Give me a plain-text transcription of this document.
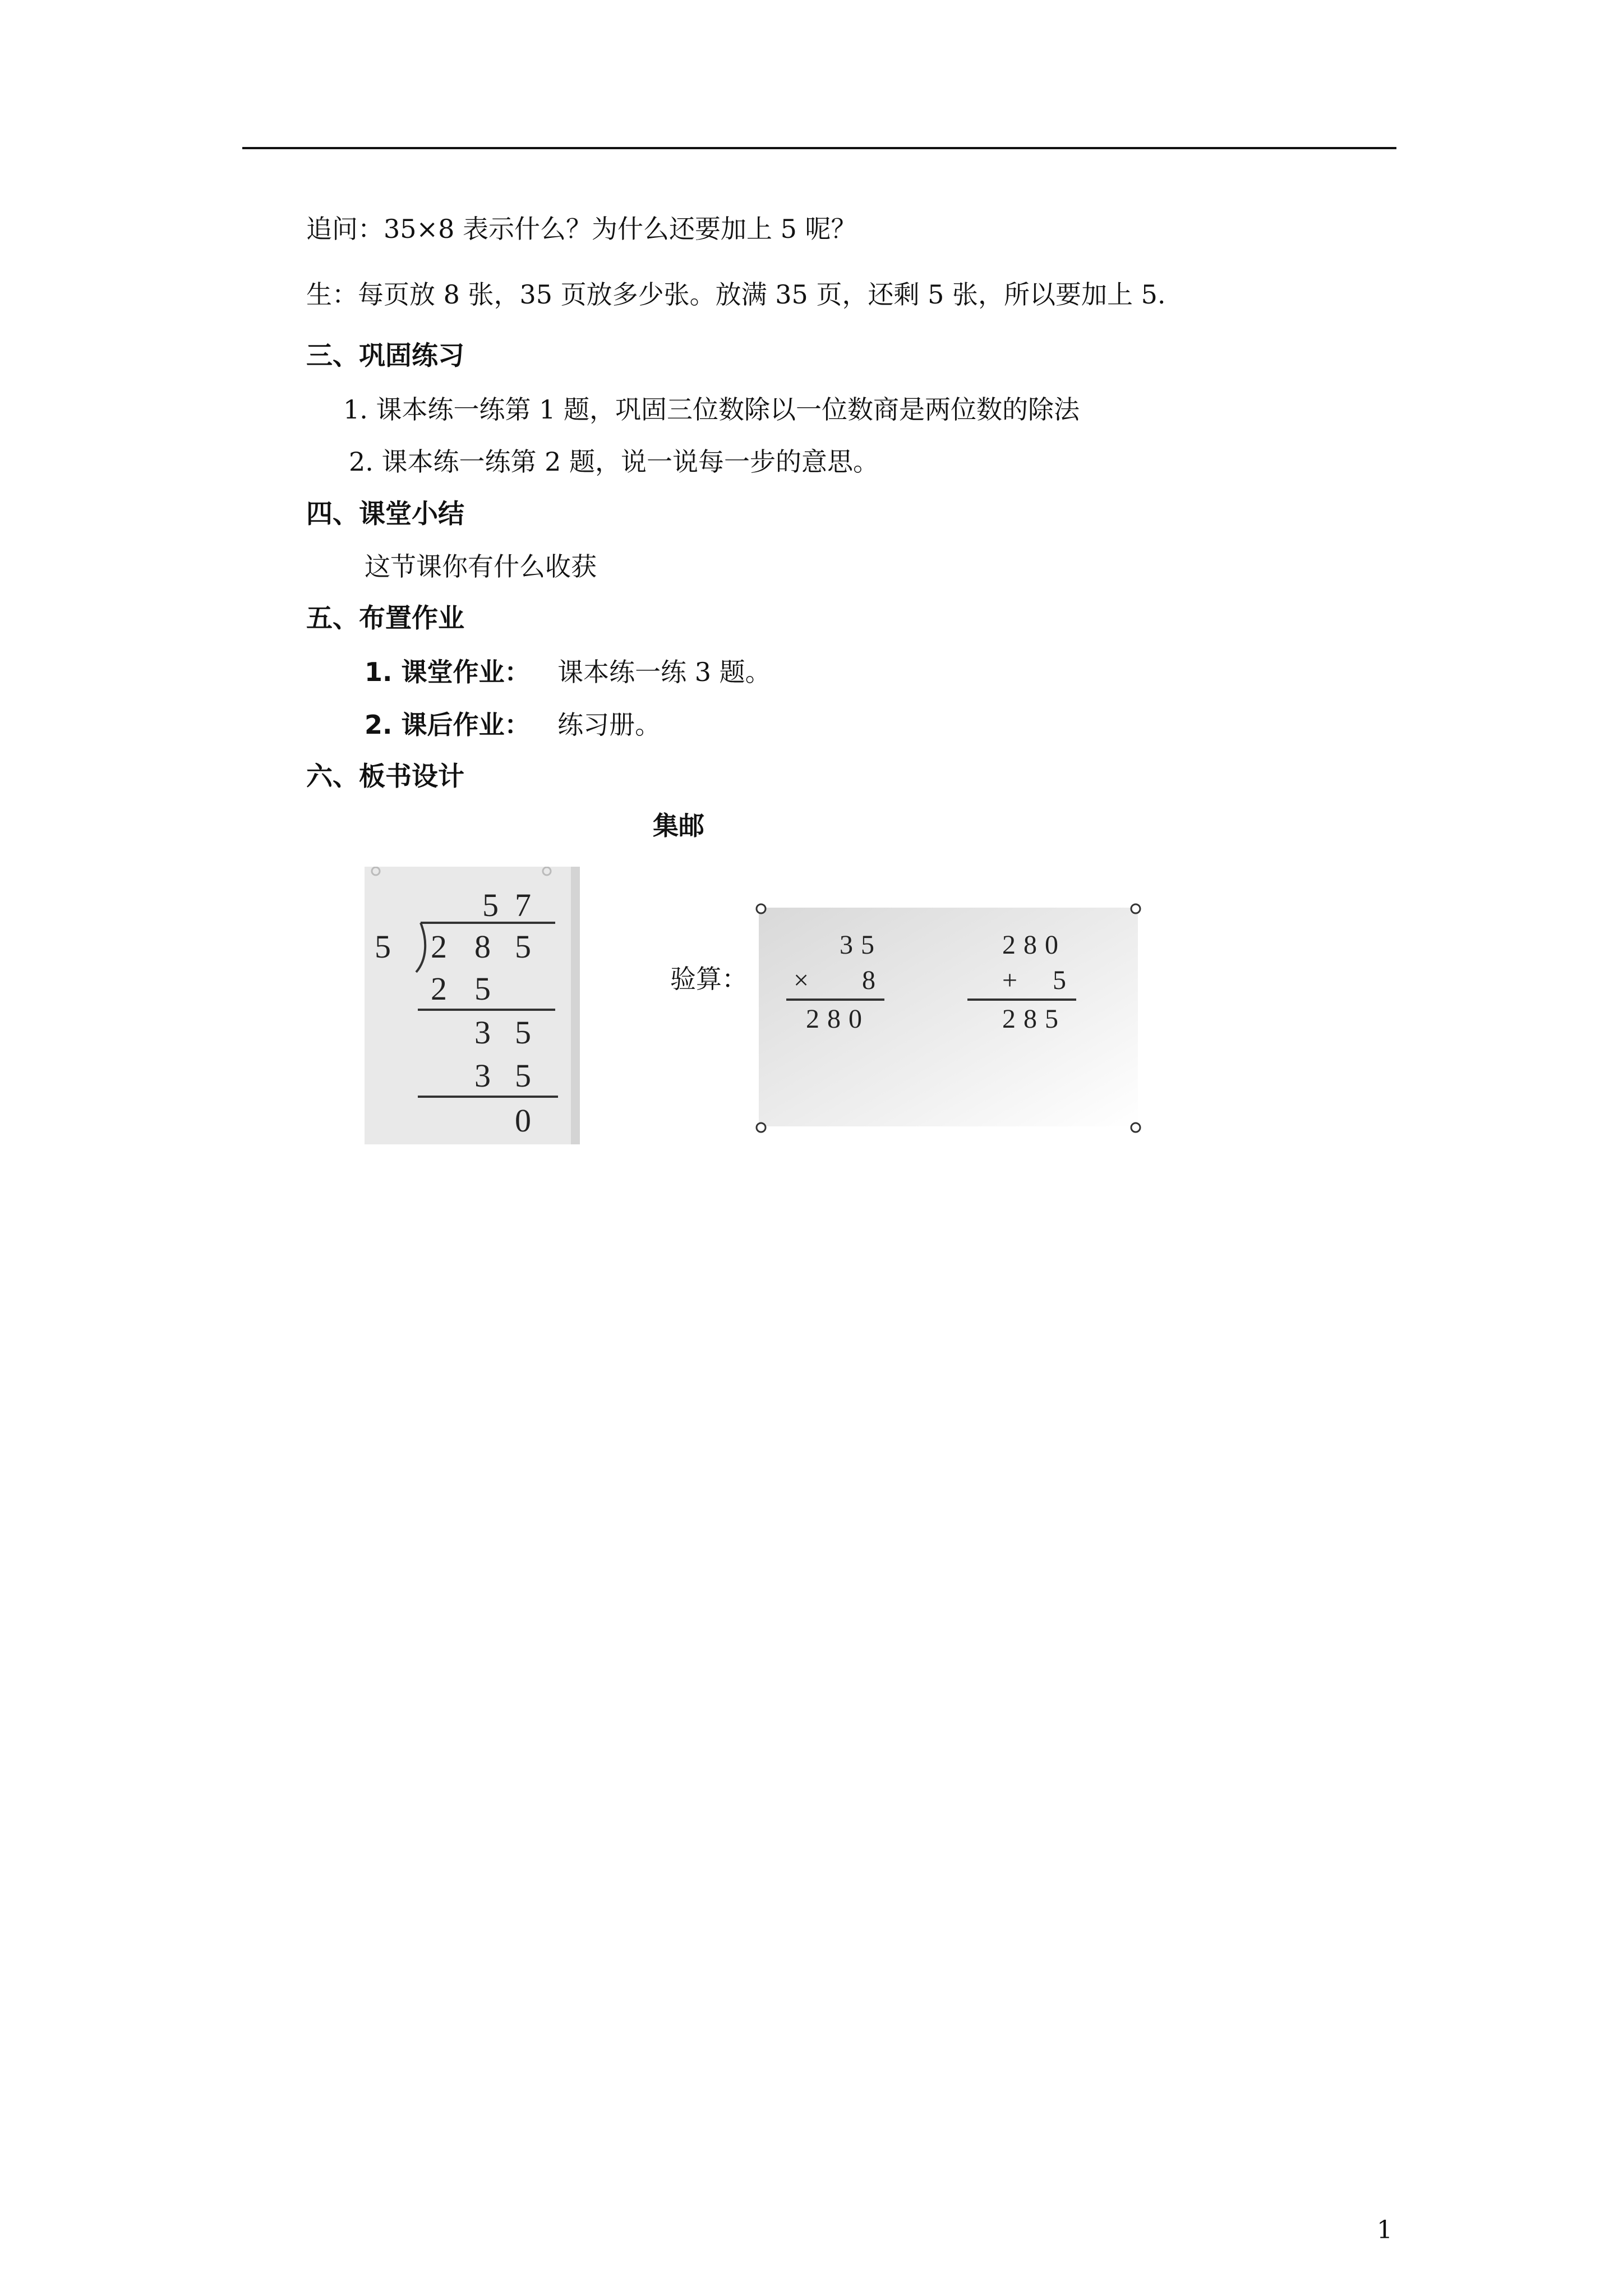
追问：35×8 表示什么？为什么还要加上 5 呢？
生：每页放 8 张，35 页放多少张。放满 35 页，还剩 5 张，所以要加上 5.
三、巩固练习
1. 课本练一练第 1 题，巩固三位数除以一位数商是两位数的除法
2. 课本练一练第 2 题，说一说每一步的意思。
四、课堂小结
这节课你有什么收获
五、布置作业
1. 课堂作业： 课本练一练 3 题。
2. 课后作业： 练习册。
六、板书设计
集邮
5 7
5 2 8 5
2 5
3 5
3 5
0
验算：
35
× 8
280
280
+ 5
285
1
